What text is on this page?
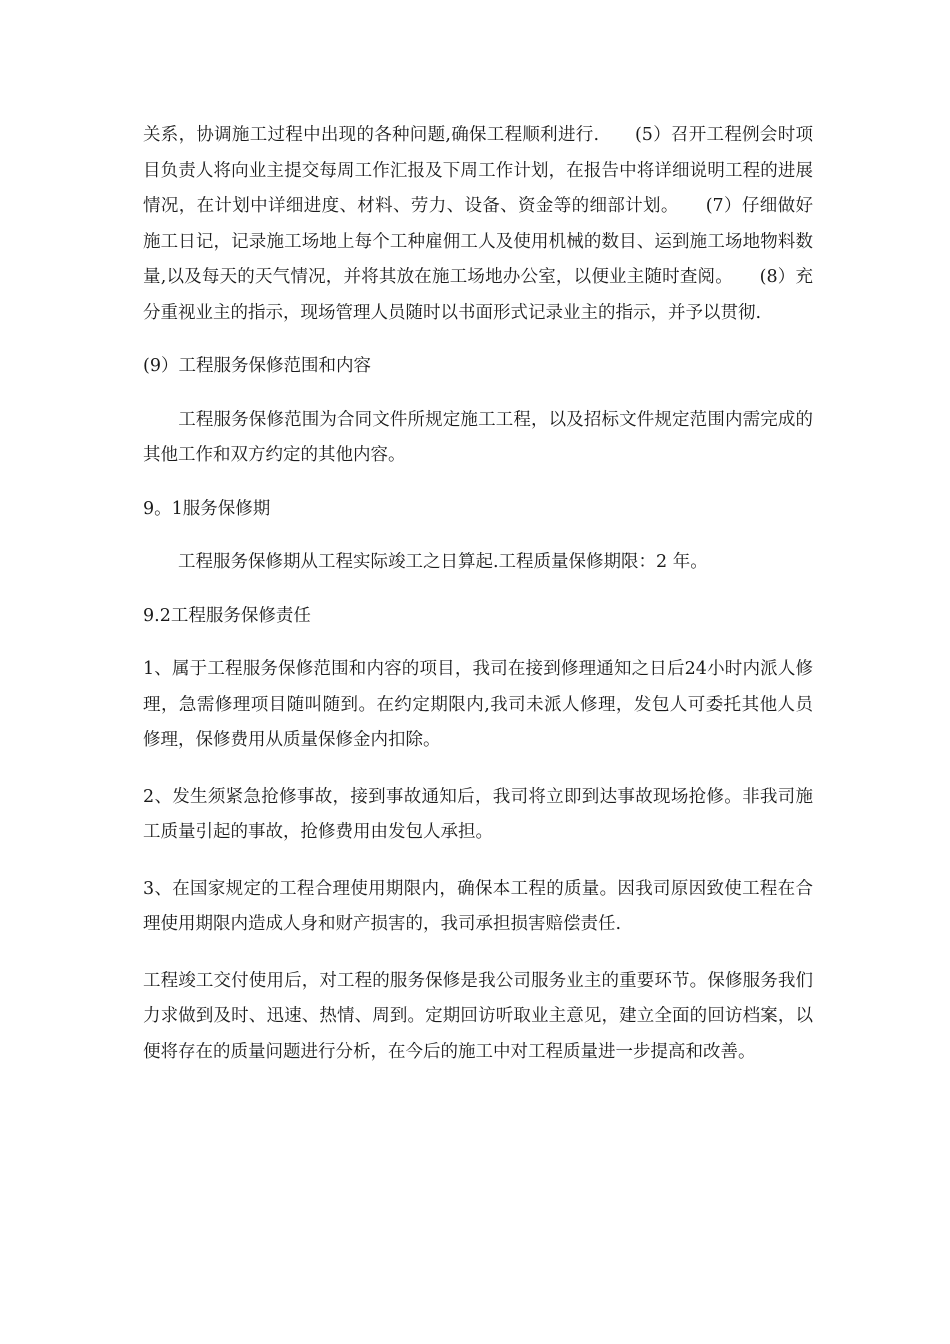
关系，协调施工过程中出现的各种问题,确保工程顺利进行.　　(5）召开工程例会时项目负责人将向业主提交每周工作汇报及下周工作计划，在报告中将详细说明工程的进展情况，在计划中详细进度、材料、劳力、设备、资金等的细部计划。　　(7）仔细做好施工日记，记录施工场地上每个工种雇佣工人及使用机械的数目、运到施工场地物料数量,以及每天的天气情况，并将其放在施工场地办公室，以便业主随时查阅。　　(8）充分重视业主的指示，现场管理人员随时以书面形式记录业主的指示，并予以贯彻.

(9）工程服务保修范围和内容

　　工程服务保修范围为合同文件所规定施工工程，以及招标文件规定范围内需完成的其他工作和双方约定的其他内容。

9。1服务保修期

　　工程服务保修期从工程实际竣工之日算起.工程质量保修期限：2 年。

9.2工程服务保修责任

1、属于工程服务保修范围和内容的项目，我司在接到修理通知之日后24小时内派人修理，急需修理项目随叫随到。在约定期限内,我司未派人修理，发包人可委托其他人员修理，保修费用从质量保修金内扣除。

2、发生须紧急抢修事故，接到事故通知后，我司将立即到达事故现场抢修。非我司施工质量引起的事故，抢修费用由发包人承担。

3、在国家规定的工程合理使用期限内，确保本工程的质量。因我司原因致使工程在合理使用期限内造成人身和财产损害的，我司承担损害赔偿责任.

工程竣工交付使用后，对工程的服务保修是我公司服务业主的重要环节。保修服务我们力求做到及时、迅速、热情、周到。定期回访听取业主意见，建立全面的回访档案，以便将存在的质量问题进行分析，在今后的施工中对工程质量进一步提高和改善。
